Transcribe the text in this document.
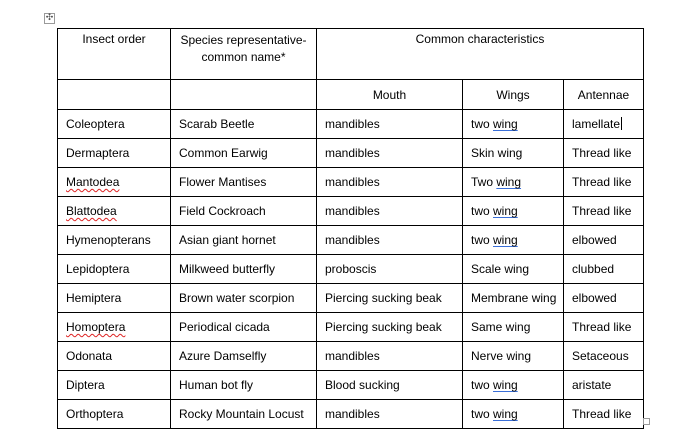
✣
Insect order	Species representative-common name*	Common characteristics		
		Mouth	Wings	Antennae
Coleoptera	Scarab Beetle	mandibles	two wing	lamellate
Dermaptera	Common Earwig	mandibles	Skin wing	Thread like
Mantodea	Flower Mantises	mandibles	Two wing	Thread like
Blattodea	Field Cockroach	mandibles	two wing	Thread like
Hymenopterans	Asian giant hornet	mandibles	two wing	elbowed
Lepidoptera	Milkweed butterfly	proboscis	Scale wing	clubbed
Hemiptera	Brown water scorpion	Piercing sucking beak	Membrane wing	elbowed
Homoptera	Periodical cicada	Piercing sucking beak	Same wing	Thread like
Odonata	Azure Damselfly	mandibles	Nerve wing	Setaceous
Diptera	Human bot fly	Blood sucking	two wing	aristate
Orthoptera	Rocky Mountain Locust	mandibles	two wing	Thread like
